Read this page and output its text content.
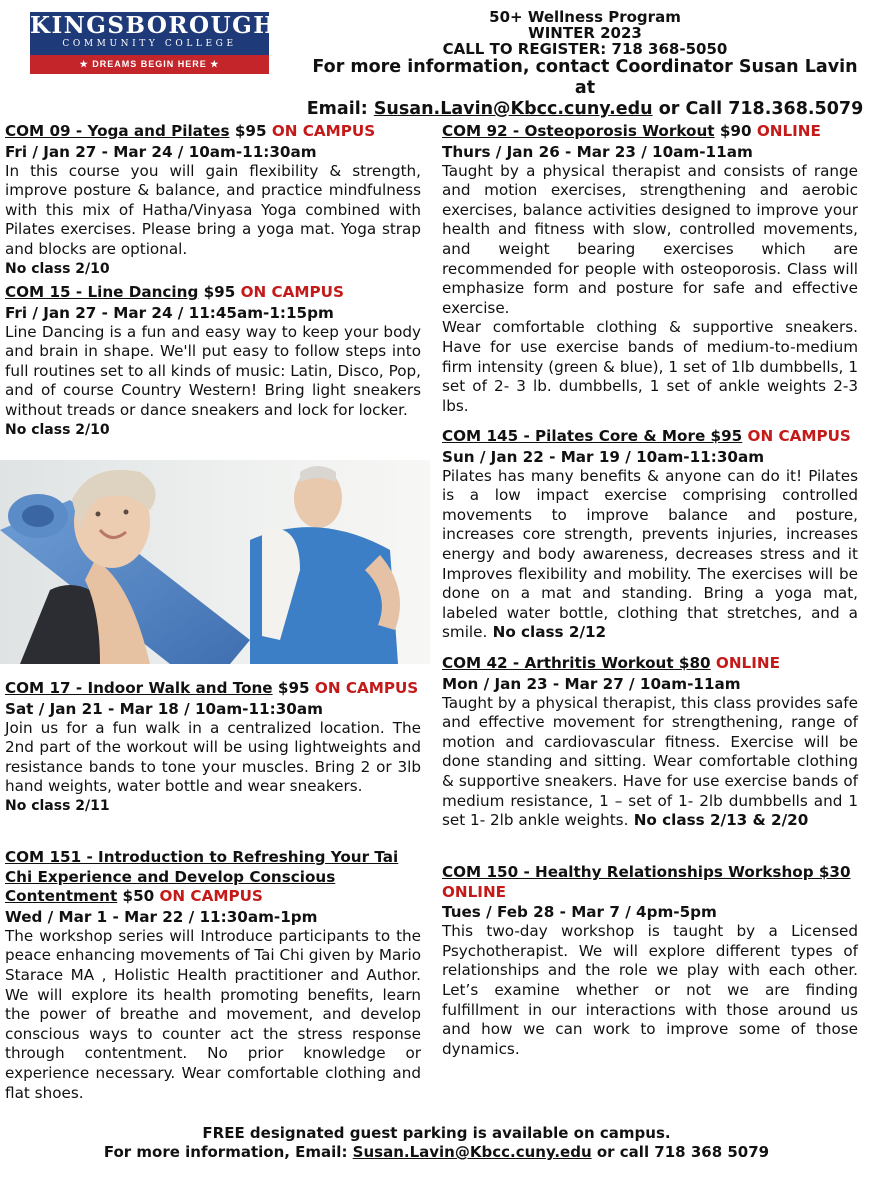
KINGSBOROUGH
COMMUNITY COLLEGE
★ DREAMS BEGIN HERE ★
50+ Wellness Program
WINTER 2023
CALL TO REGISTER: 718 368-5050
For more information, contact Coordinator Susan Lavin at
Email: Susan.Lavin@Kbcc.cuny.edu or Call 718.368.5079
COM 09 - Yoga and Pilates $95 ON CAMPUS
Fri / Jan 27 - Mar 24 / 10am-11:30am
In this course you will gain flexibility & strength, improve posture & balance, and practice mindfulness with this mix of Hatha/Vinyasa Yoga combined with Pilates exercises. Please bring a yoga mat. Yoga strap and blocks are optional.
No class 2/10
COM 15 - Line Dancing $95 ON CAMPUS
Fri / Jan 27 - Mar 24 / 11:45am-1:15pm
Line Dancing is a fun and easy way to keep your body and brain in shape. We'll put easy to follow steps into full routines set to all kinds of music: Latin, Disco, Pop, and of course Country Western! Bring light sneakers without treads or dance sneakers and lock for locker.
No class 2/10
COM 17 - Indoor Walk and Tone $95 ON CAMPUS
Sat / Jan 21 - Mar 18 / 10am-11:30am
Join us for a fun walk in a centralized location. The 2nd part of the workout will be using lightweights and resistance bands to tone your muscles. Bring 2 or 3lb hand weights, water bottle and wear sneakers.
No class 2/11
COM 151 - Introduction to Refreshing Your Tai Chi Experience and Develop Conscious Contentment $50 ON CAMPUS
Wed / Mar 1 - Mar 22 / 11:30am-1pm
The workshop series will Introduce participants to the peace enhancing movements of Tai Chi given by Mario Starace MA , Holistic Health practitioner and Author. We will explore its health promoting benefits, learn the power of breathe and movement, and develop conscious ways to counter act the stress response through contentment. No prior knowledge or experience necessary. Wear comfortable clothing and flat shoes.
COM 92 - Osteoporosis Workout $90 ONLINE
Thurs / Jan 26 - Mar 23 / 10am-11am
Taught by a physical therapist and consists of range and motion exercises, strengthening and aerobic exercises, balance activities designed to improve your health and fitness with slow, controlled movements, and weight bearing exercises which are recommended for people with osteoporosis. Class will emphasize form and posture for safe and effective exercise.
Wear comfortable clothing & supportive sneakers. Have for use exercise bands of medium-to-medium firm intensity (green & blue), 1 set of 1lb dumbbells, 1 set of 2- 3 lb. dumbbells, 1 set of ankle weights 2-3 lbs.
COM 145 - Pilates Core & More $95 ON CAMPUS
Sun / Jan 22 - Mar 19 / 10am-11:30am
Pilates has many benefits & anyone can do it! Pilates is a low impact exercise comprising controlled movements to improve balance and posture, increases core strength, prevents injuries, increases energy and body awareness, decreases stress and it Improves flexibility and mobility. The exercises will be done on a mat and standing. Bring a yoga mat, labeled water bottle, clothing that stretches, and a smile. No class 2/12
COM 42 - Arthritis Workout $80 ONLINE
Mon / Jan 23 - Mar 27 / 10am-11am
Taught by a physical therapist, this class provides safe and effective movement for strengthening, range of motion and cardiovascular fitness. Exercise will be done standing and sitting. Wear comfortable clothing & supportive sneakers. Have for use exercise bands of medium resistance, 1 – set of 1- 2lb dumbbells and 1 set 1- 2lb ankle weights. No class 2/13 & 2/20
COM 150 - Healthy Relationships Workshop $30 ONLINE
Tues / Feb 28 - Mar 7 / 4pm-5pm
This two-day workshop is taught by a Licensed Psychotherapist. We will explore different types of relationships and the role we play with each other. Let’s examine whether or not we are finding fulfillment in our interactions with those around us and how we can work to improve some of those dynamics.
FREE designated guest parking is available on campus.
For more information, Email: Susan.Lavin@Kbcc.cuny.edu or call 718 368 5079
